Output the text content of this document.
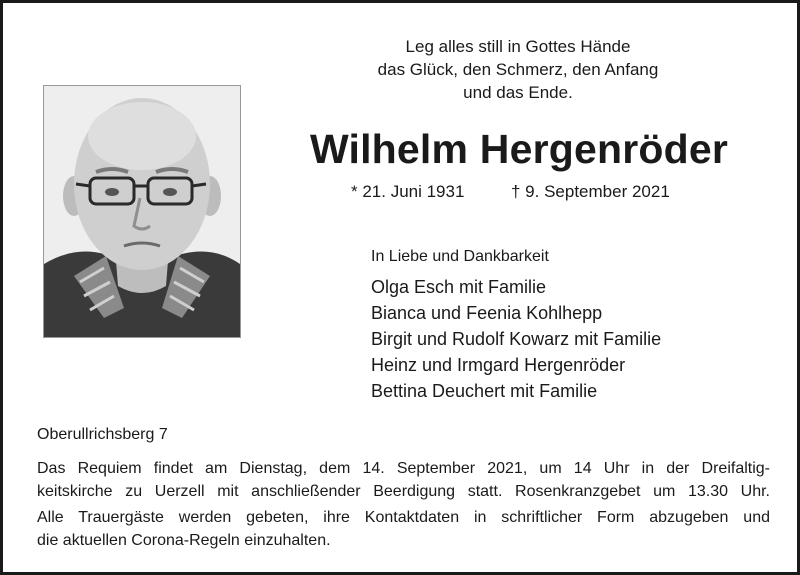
Leg alles still in Gottes Hände
das Glück, den Schmerz, den Anfang
und das Ende.
Wilhelm Hergenröder
* 21. Juni 1931	† 9. September 2021
In Liebe und Dankbarkeit
Olga Esch mit Familie
Bianca und Feenia Kohlhepp
Birgit und Rudolf Kowarz mit Familie
Heinz und Irmgard Hergenröder
Bettina Deuchert mit Familie
Oberullrichsberg 7
Das Requiem findet am Dienstag, dem 14. September 2021, um 14 Uhr in der Dreifaltig-
keitskirche zu Uerzell mit anschließender Beerdigung statt. Rosenkranzgebet um 13.30 Uhr.
Alle Trauergäste werden gebeten, ihre Kontaktdaten in schriftlicher Form abzugeben und
die aktuellen Corona-Regeln einzuhalten.
